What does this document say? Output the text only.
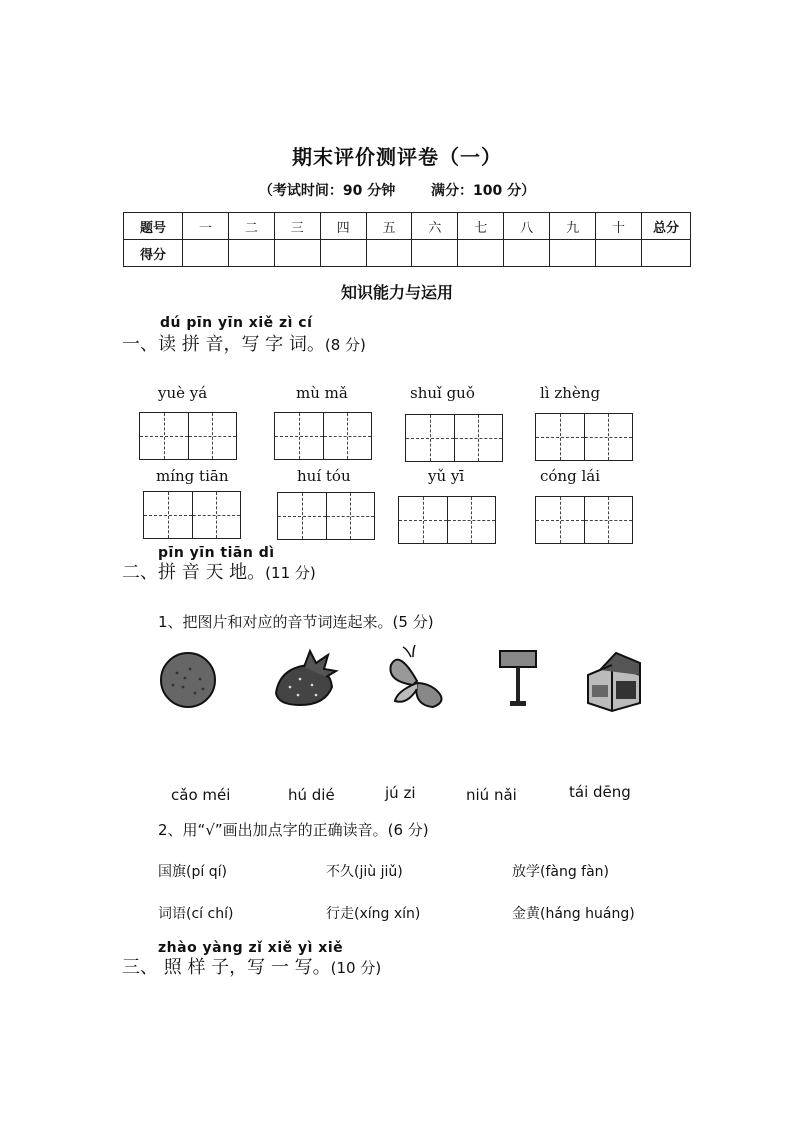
期末评价测评卷（一）
（考试时间：90 分钟	满分：100 分）
题号	一	二	三	四	五	六	七	八	九	十	总分
得分											
知识能力与运用
dú pīn yīn xiě zì cí
一、读 拼 音，写 字 词。(8 分)
yuè yá	mù mǎ	shuǐ guǒ	lì zhèng
míng tiān	huí tóu	yǔ yī	cóng lái
pīn yīn tiān dì
二、拼 音 天 地。(11 分)
1、把图片和对应的音节词连起来。(5 分)
cǎo méi	hú dié	jú zi	niú nǎi	tái dēng
2、用“√”画出加点字的正确读音。(6 分)
国旗(pí qí)	不久(jiù jiǔ)	放学(fàng fàn)
词语(cí chí)	行走(xíng xín)	金黄(háng huáng)
zhào yàng zǐ xiě yì xiě
三、 照 样 子，写 一 写。(10 分)
